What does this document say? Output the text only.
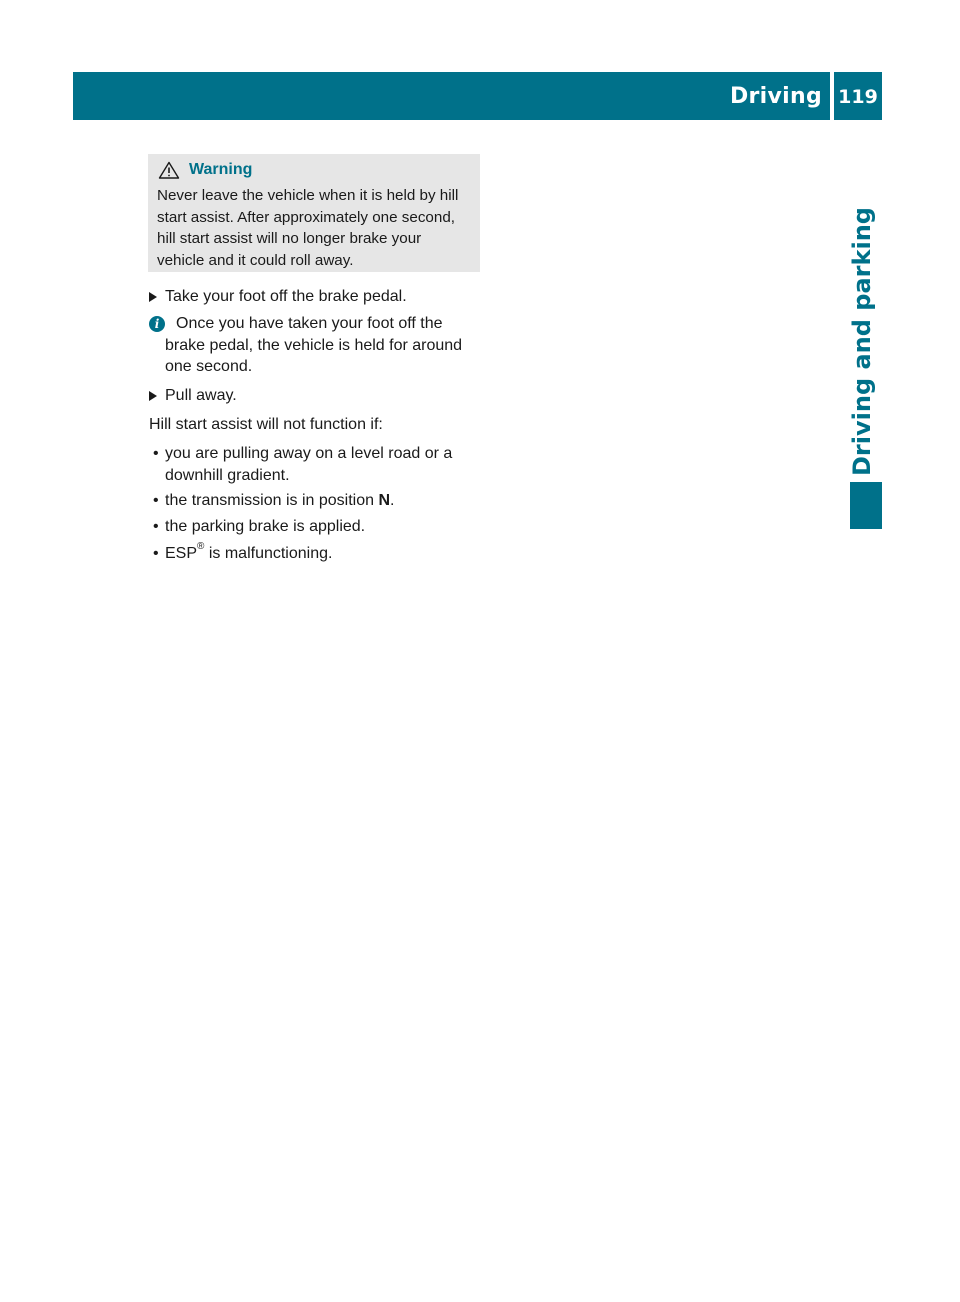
Driving 119
Driving and parking
Warning
Never leave the vehicle when it is held by hill
start assist. After approximately one second,
hill start assist will no longer brake your
vehicle and it could roll away.
Take your foot off the brake pedal.
i	Once you have taken your foot off the
brake pedal, the vehicle is held for around
one second.
Pull away.
Hill start assist will not function if:
• you are pulling away on a level road or a
downhill gradient.
• the transmission is in position N.
• the parking brake is applied.
• ESP® is malfunctioning.
